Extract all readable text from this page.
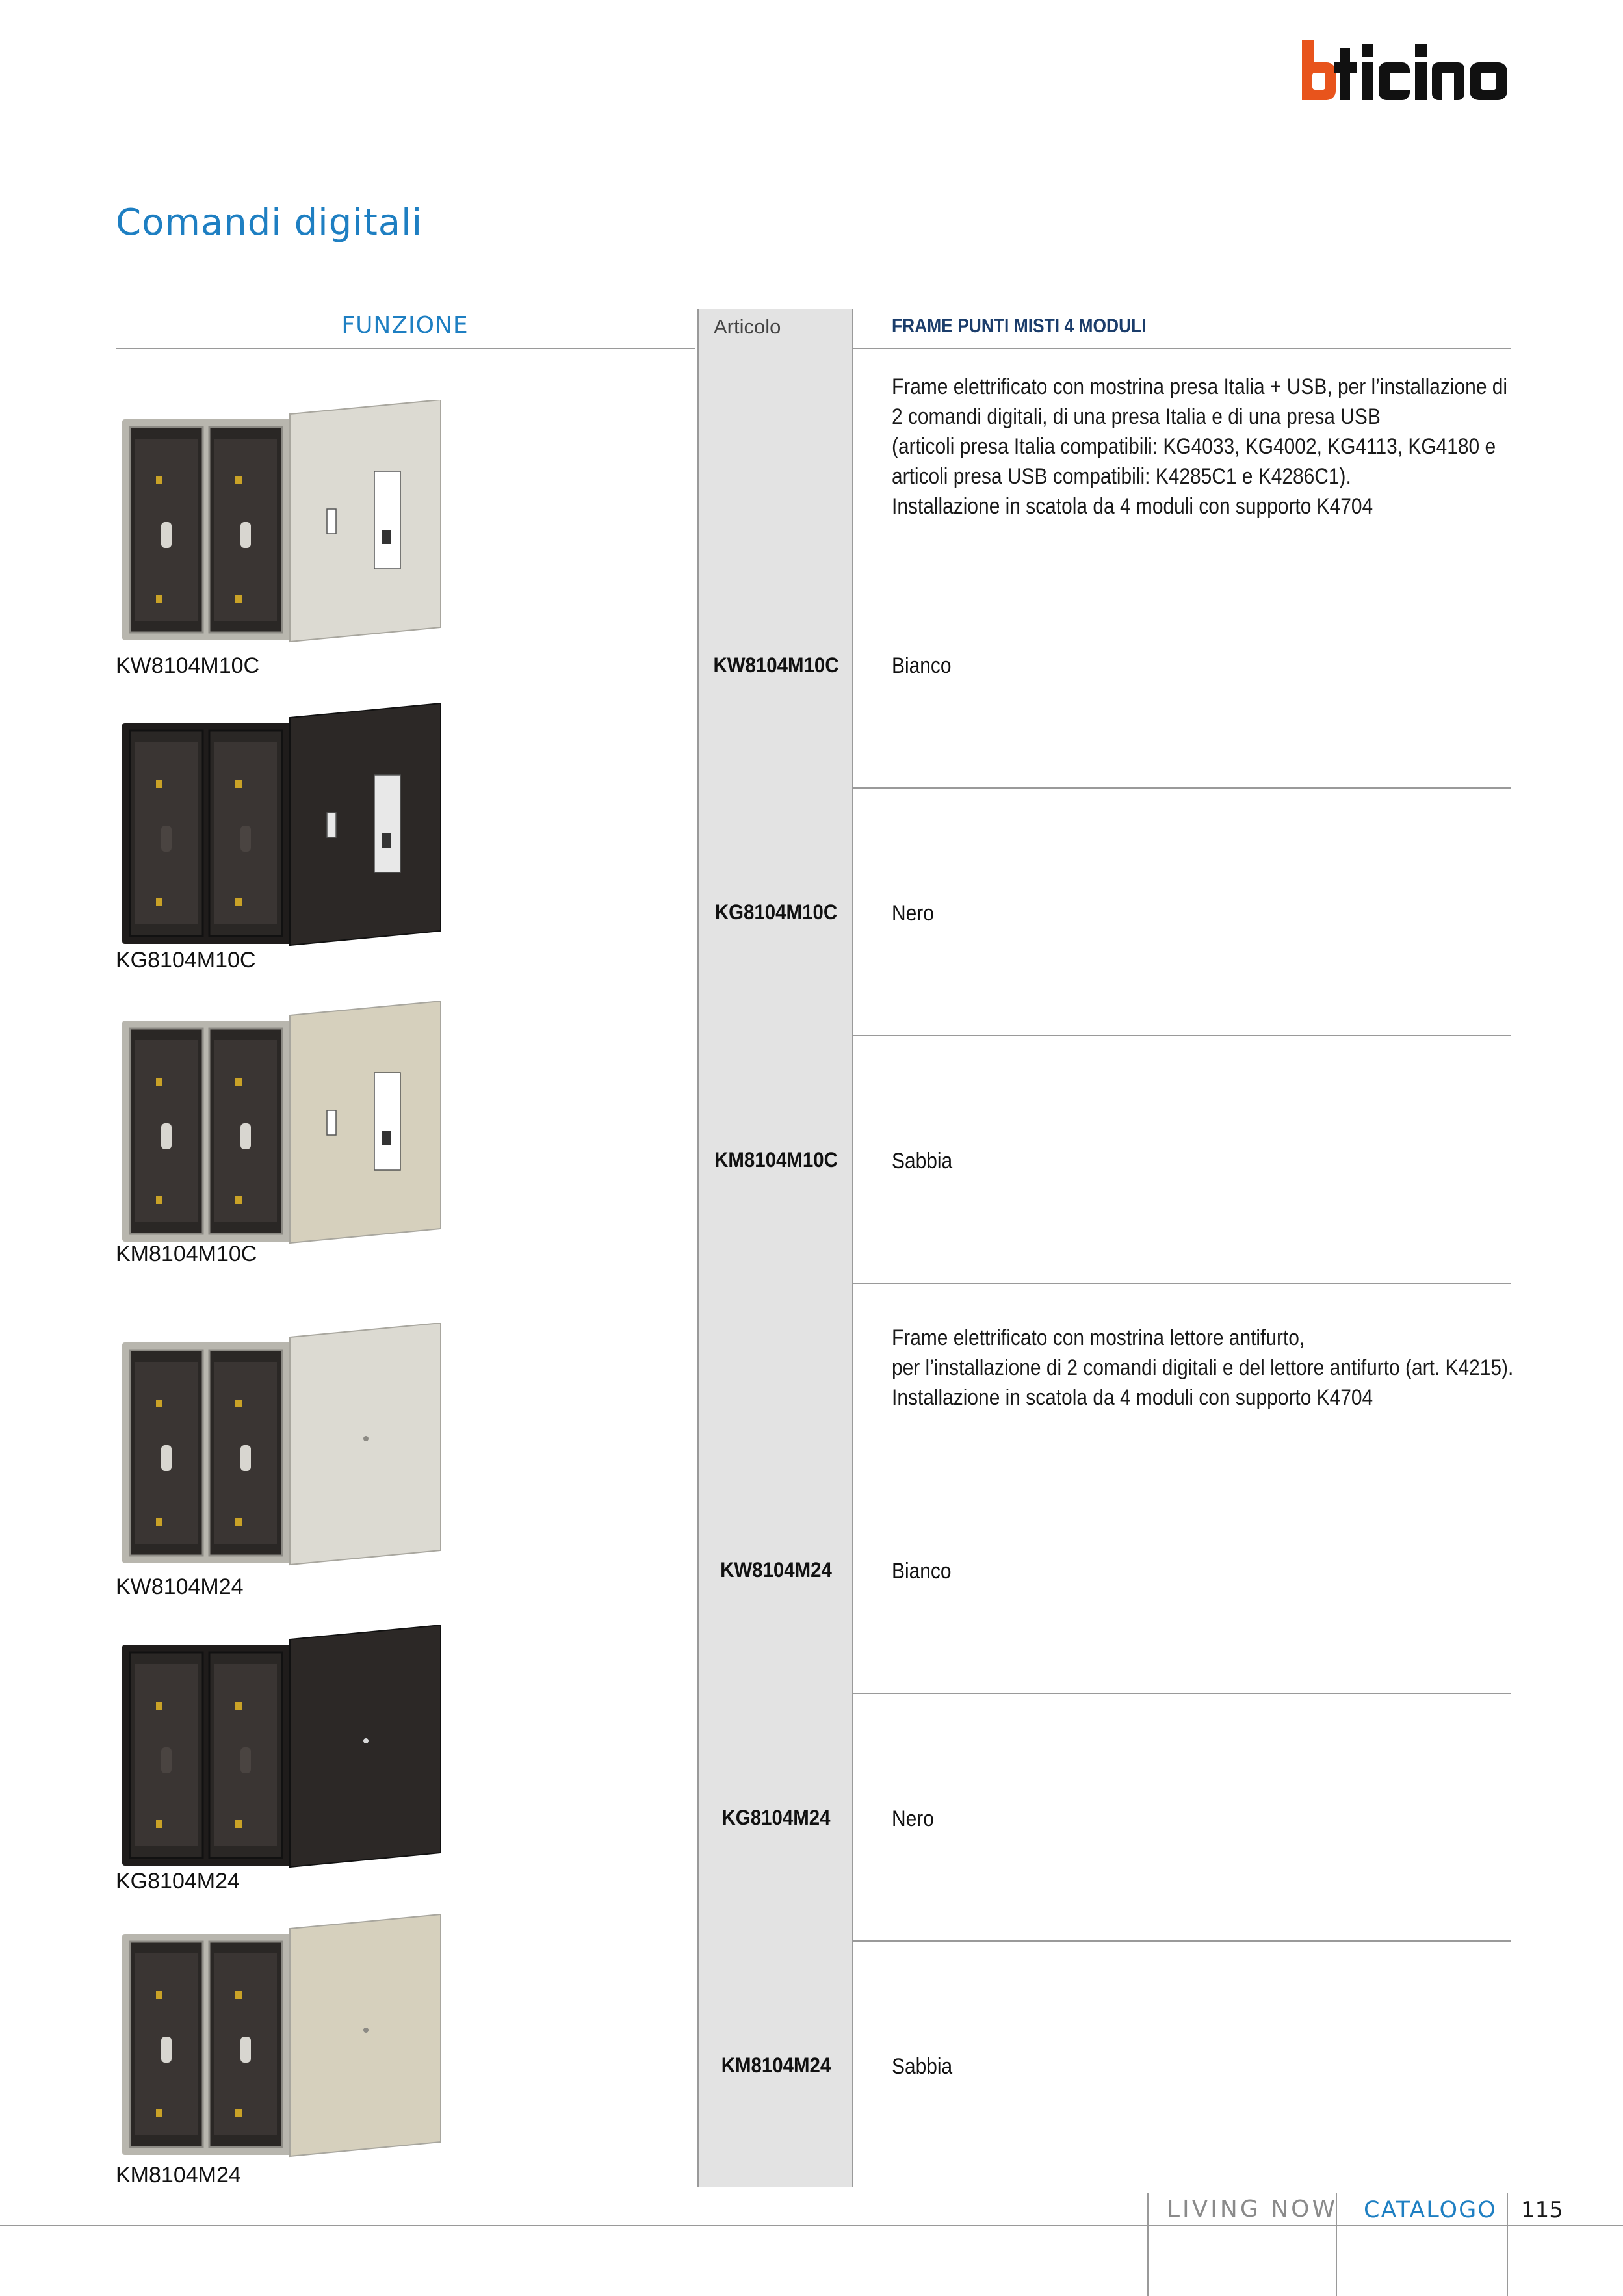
Comandi digitali
FUNZIONE	Articolo	FRAME PUNTI MISTI 4 MODULI
Frame elettrificato con mostrina presa Italia + USB, per l’installazione di
2 comandi digitali, di una presa Italia e di una presa USB
(articoli presa Italia compatibili: KG4033, KG4002, KG4113, KG4180 e
articoli presa USB compatibili: K4285C1 e K4286C1).
Installazione in scatola da 4 moduli con supporto K4704
Frame elettrificato con mostrina lettore antifurto,
per l’installazione di 2 comandi digitali e del lettore antifurto (art. K4215).
Installazione in scatola da 4 moduli con supporto K4704
KW8104M10C
KG8104M10C
KM8104M10C
KW8104M24
KG8104M24
KM8104M24
Bianco
Nero
Sabbia
Bianco
Nero
Sabbia
KW8104M10C
KG8104M10C
KM8104M10C
KW8104M24
KG8104M24
KM8104M24
LIVING NOW CATALOGO 115
